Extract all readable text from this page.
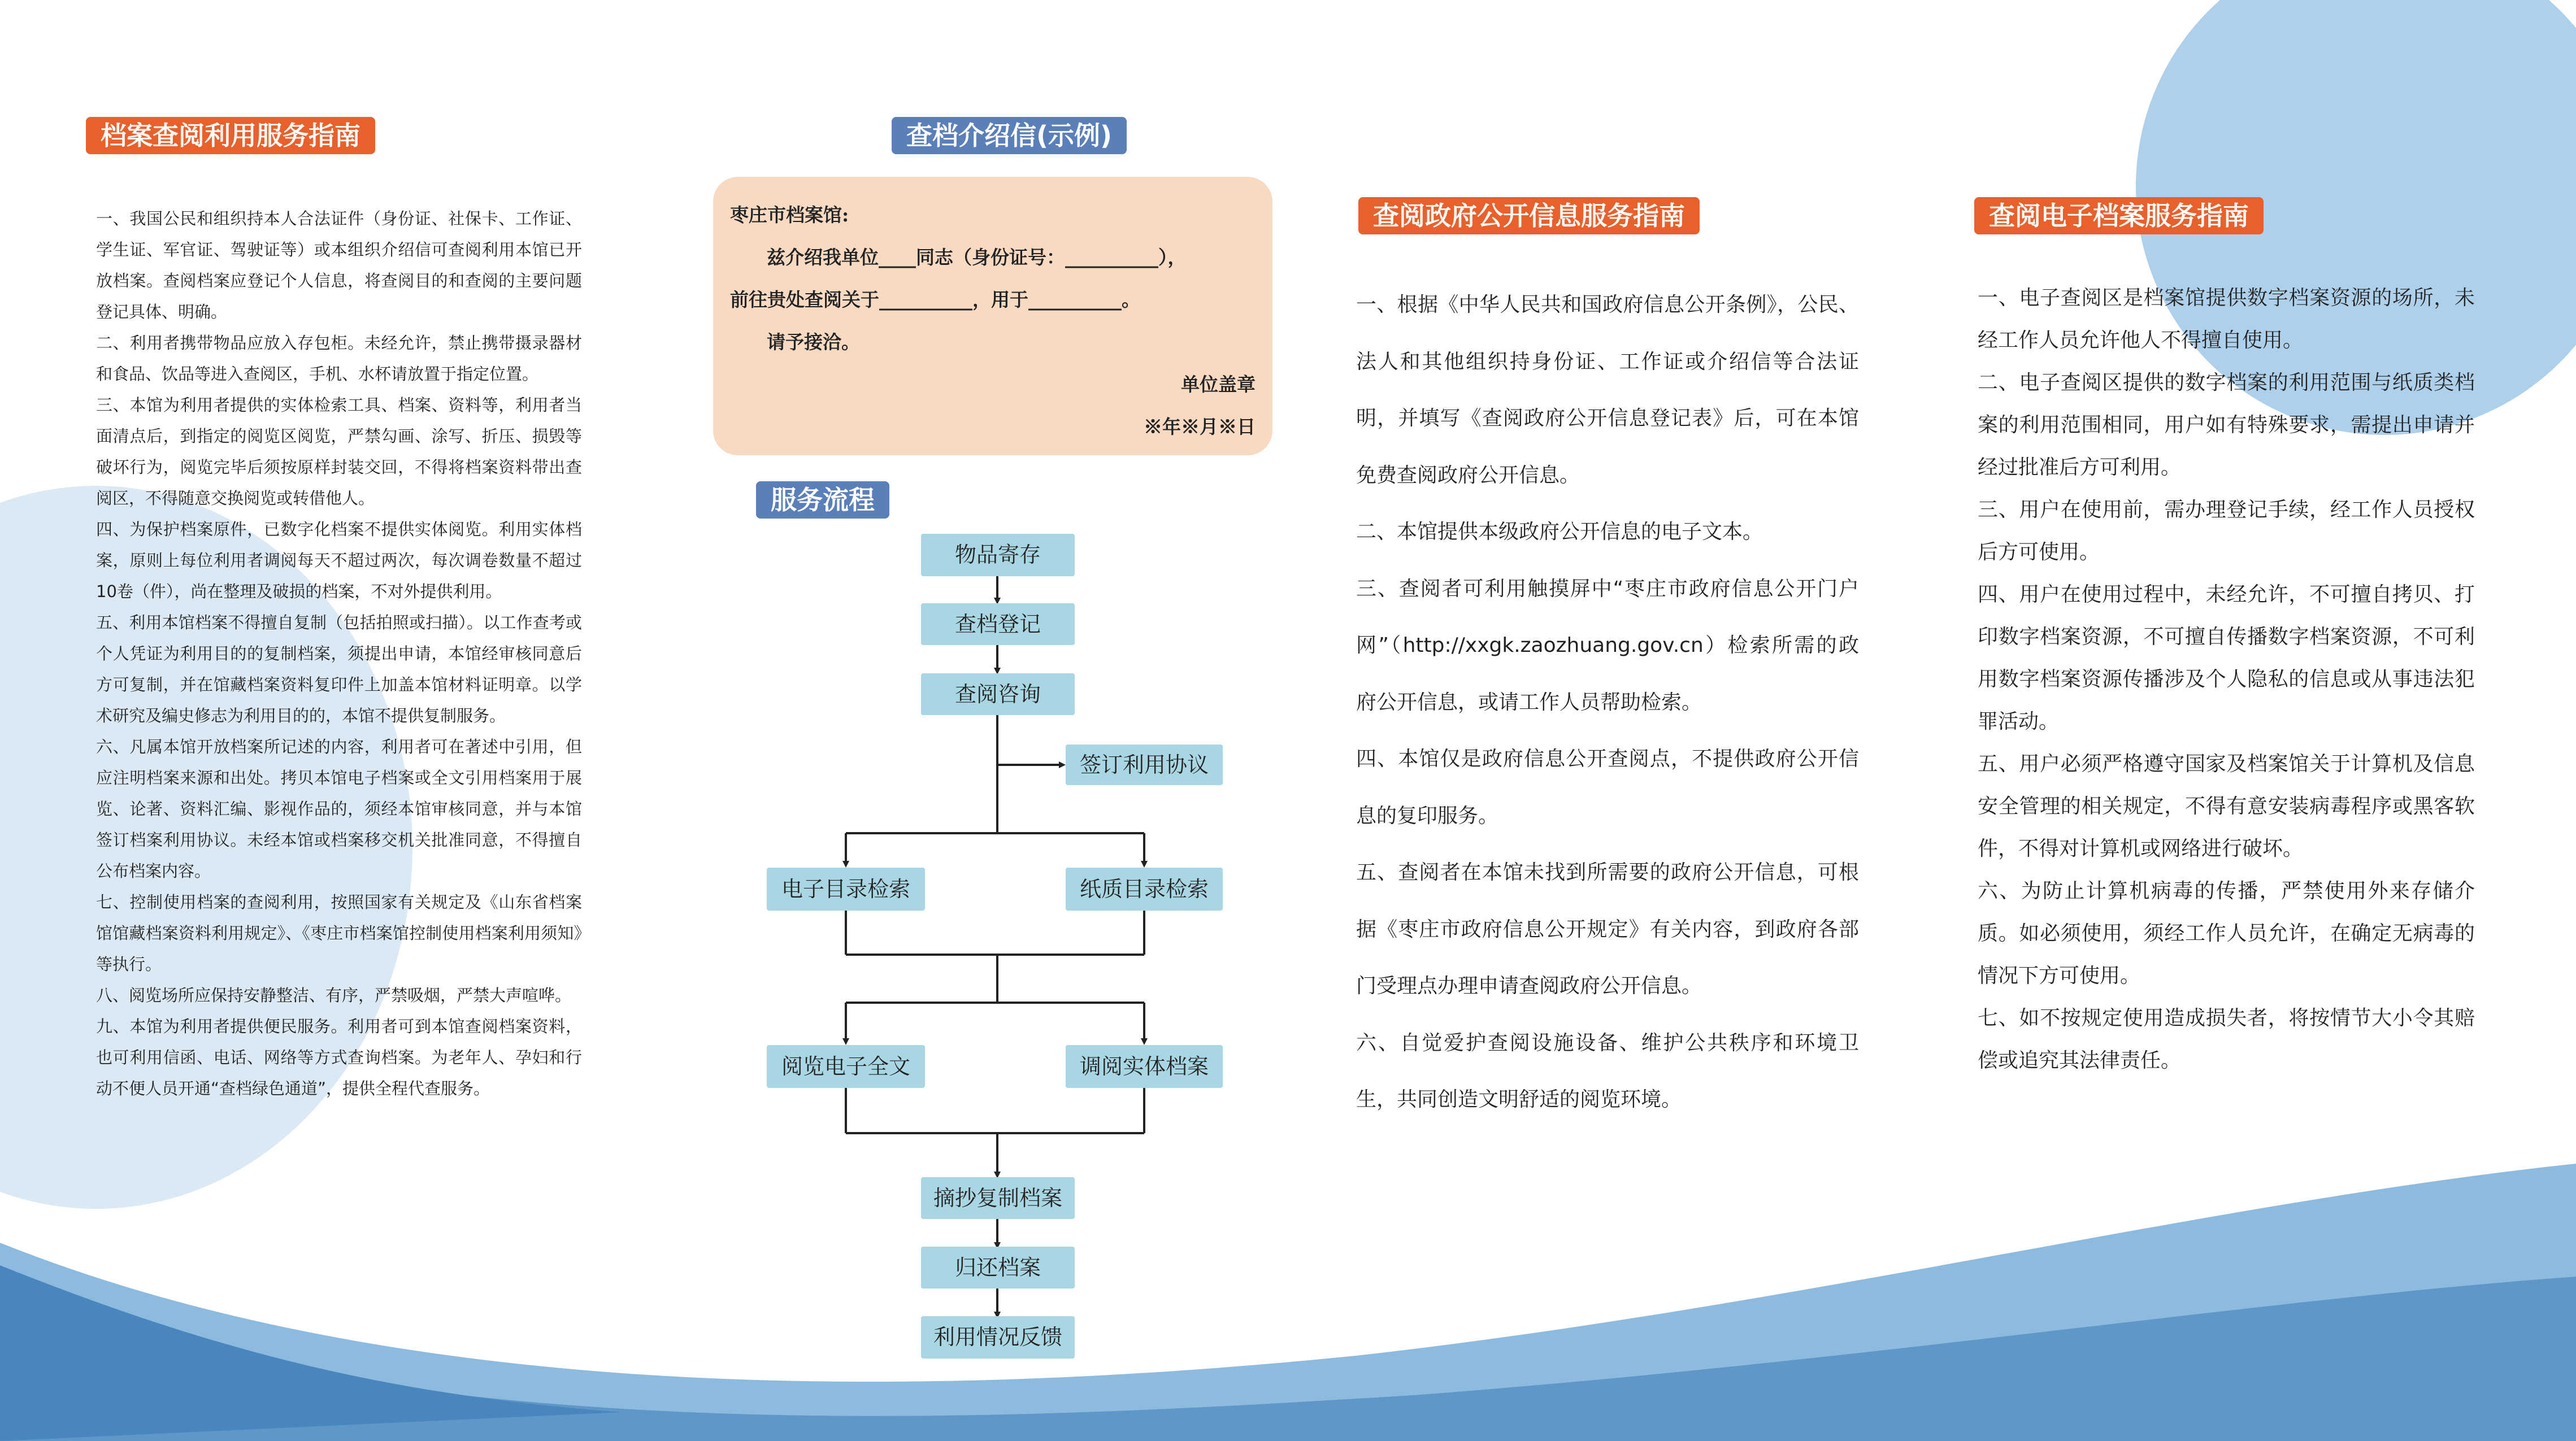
档案查阅利用服务指南

一、我国公民和组织持本人合法证件（身份证、社保卡、工作证、学生证、军官证、驾驶证等）或本组织介绍信可查阅利用本馆已开放档案。查阅档案应登记个人信息，将查阅目的和查阅的主要问题登记具体、明确。

二、利用者携带物品应放入存包柜。未经允许，禁止携带摄录器材和食品、饮品等进入查阅区，手机、水杯请放置于指定位置。

三、本馆为利用者提供的实体检索工具、档案、资料等，利用者当面清点后，到指定的阅览区阅览，严禁勾画、涂写、折压、损毁等破坏行为，阅览完毕后须按原样封装交回，不得将档案资料带出查阅区，不得随意交换阅览或转借他人。

四、为保护档案原件，已数字化档案不提供实体阅览。利用实体档案，原则上每位利用者调阅每天不超过两次，每次调卷数量不超过10卷（件），尚在整理及破损的档案，不对外提供利用。

五、利用本馆档案不得擅自复制（包括拍照或扫描）。以工作查考或个人凭证为利用目的的复制档案，须提出申请，本馆经审核同意后方可复制，并在馆藏档案资料复印件上加盖本馆材料证明章。以学术研究及编史修志为利用目的的，本馆不提供复制服务。

六、凡属本馆开放档案所记述的内容，利用者可在著述中引用，但应注明档案来源和出处。拷贝本馆电子档案或全文引用档案用于展览、论著、资料汇编、影视作品的，须经本馆审核同意，并与本馆签订档案利用协议。未经本馆或档案移交机关批准同意，不得擅自公布档案内容。

七、控制使用档案的查阅利用，按照国家有关规定及《山东省档案馆馆藏档案资料利用规定》、《枣庄市档案馆控制使用档案利用须知》等执行。

八、阅览场所应保持安静整洁、有序，严禁吸烟，严禁大声喧哗。

九、本馆为利用者提供便民服务。利用者可到本馆查阅档案资料，也可利用信函、电话、网络等方式查询档案。为老年人、孕妇和行动不便人员开通“查档绿色通道”，提供全程代查服务。

查档介绍信(示例)
枣庄市档案馆:
兹介绍我单位____同志（身份证号：__________），
前往贵处查阅关于__________，用于__________。
请予接洽。
单位盖章
※年※月※日
服务流程
物品寄存
查档登记
查阅咨询
签订利用协议
电子目录检索	纸质目录检索
阅览电子全文	调阅实体档案
摘抄复制档案
归还档案
利用情况反馈
查阅政府公开信息服务指南

一、根据《中华人民共和国政府信息公开条例》，公民、法人和其他组织持身份证、工作证或介绍信等合法证明，并填写《查阅政府公开信息登记表》后，可在本馆免费查阅政府公开信息。

二、本馆提供本级政府公开信息的电子文本。

三、查阅者可利用触摸屏中“枣庄市政府信息公开门户网”（http://xxgk.zaozhuang.gov.cn）检索所需的政府公开信息，或请工作人员帮助检索。

四、本馆仅是政府信息公开查阅点，不提供政府公开信息的复印服务。

五、查阅者在本馆未找到所需要的政府公开信息，可根据《枣庄市政府信息公开规定》有关内容，到政府各部门受理点办理申请查阅政府公开信息。

六、自觉爱护查阅设施设备、维护公共秩序和环境卫生，共同创造文明舒适的阅览环境。

查阅电子档案服务指南

一、电子查阅区是档案馆提供数字档案资源的场所，未经工作人员允许他人不得擅自使用。

二、电子查阅区提供的数字档案的利用范围与纸质类档案的利用范围相同，用户如有特殊要求，需提出申请并经过批准后方可利用。

三、用户在使用前，需办理登记手续，经工作人员授权后方可使用。

四、用户在使用过程中，未经允许，不可擅自拷贝、打印数字档案资源，不可擅自传播数字档案资源，不可利用数字档案资源传播涉及个人隐私的信息或从事违法犯罪活动。

五、用户必须严格遵守国家及档案馆关于计算机及信息安全管理的相关规定，不得有意安装病毒程序或黑客软件，不得对计算机或网络进行破坏。

六、为防止计算机病毒的传播，严禁使用外来存储介质。如必须使用，须经工作人员允许，在确定无病毒的情况下方可使用。

七、如不按规定使用造成损失者，将按情节大小令其赔偿或追究其法律责任。
